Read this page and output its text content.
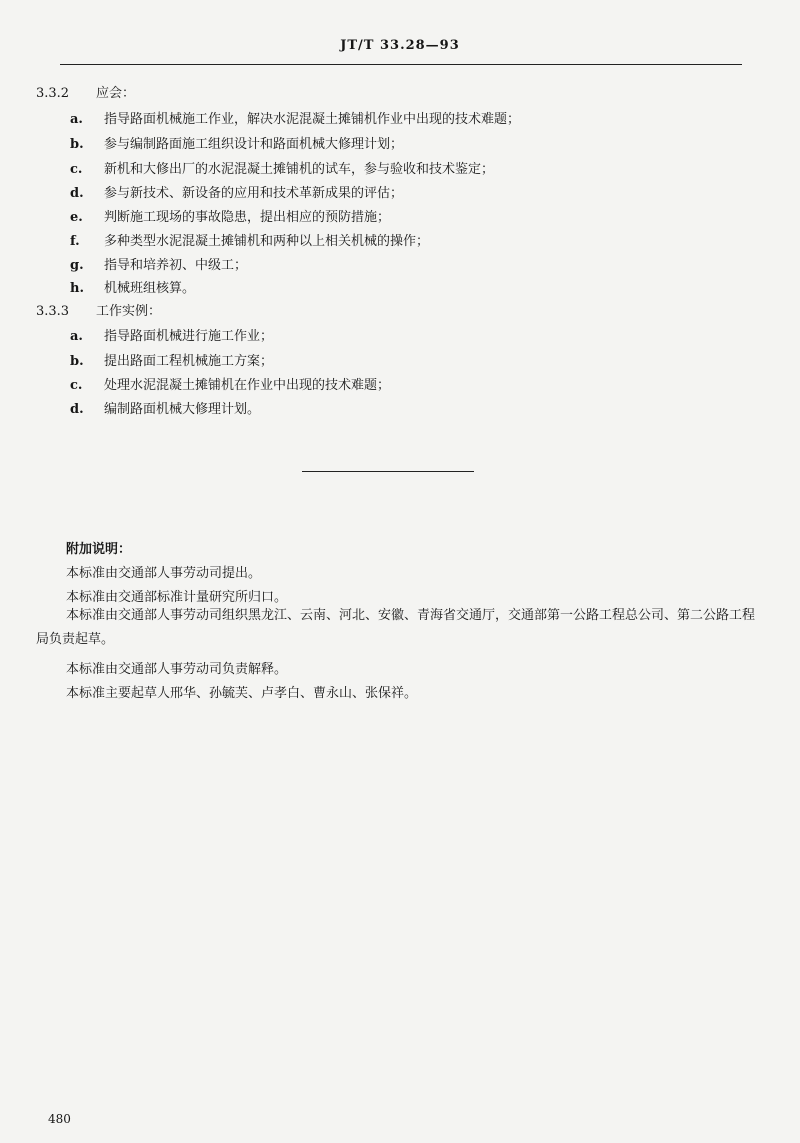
JT/T 33.28—93
3.3.2 应会：
a. 指导路面机械施工作业，解决水泥混凝土摊铺机作业中出现的技术难题；
b. 参与编制路面施工组织设计和路面机械大修理计划；
c. 新机和大修出厂的水泥混凝土摊铺机的试车，参与验收和技术鉴定；
d. 参与新技术、新设备的应用和技术革新成果的评估；
e. 判断施工现场的事故隐患，提出相应的预防措施；
f. 多种类型水泥混凝土摊铺机和两种以上相关机械的操作；
g. 指导和培养初、中级工；
h. 机械班组核算。
3.3.3 工作实例：
a. 指导路面机械进行施工作业；
b. 提出路面工程机械施工方案；
c. 处理水泥混凝土摊铺机在作业中出现的技术难题；
d. 编制路面机械大修理计划。
附加说明：
本标准由交通部人事劳动司提出。
本标准由交通部标准计量研究所归口。
本标准由交通部人事劳动司组织黑龙江、云南、河北、安徽、青海省交通厅，交通部第一公路工程总公司、第二公路工程局负责起草。
本标准由交通部人事劳动司负责解释。
本标准主要起草人邢华、孙毓芙、卢孝白、曹永山、张保祥。
480
